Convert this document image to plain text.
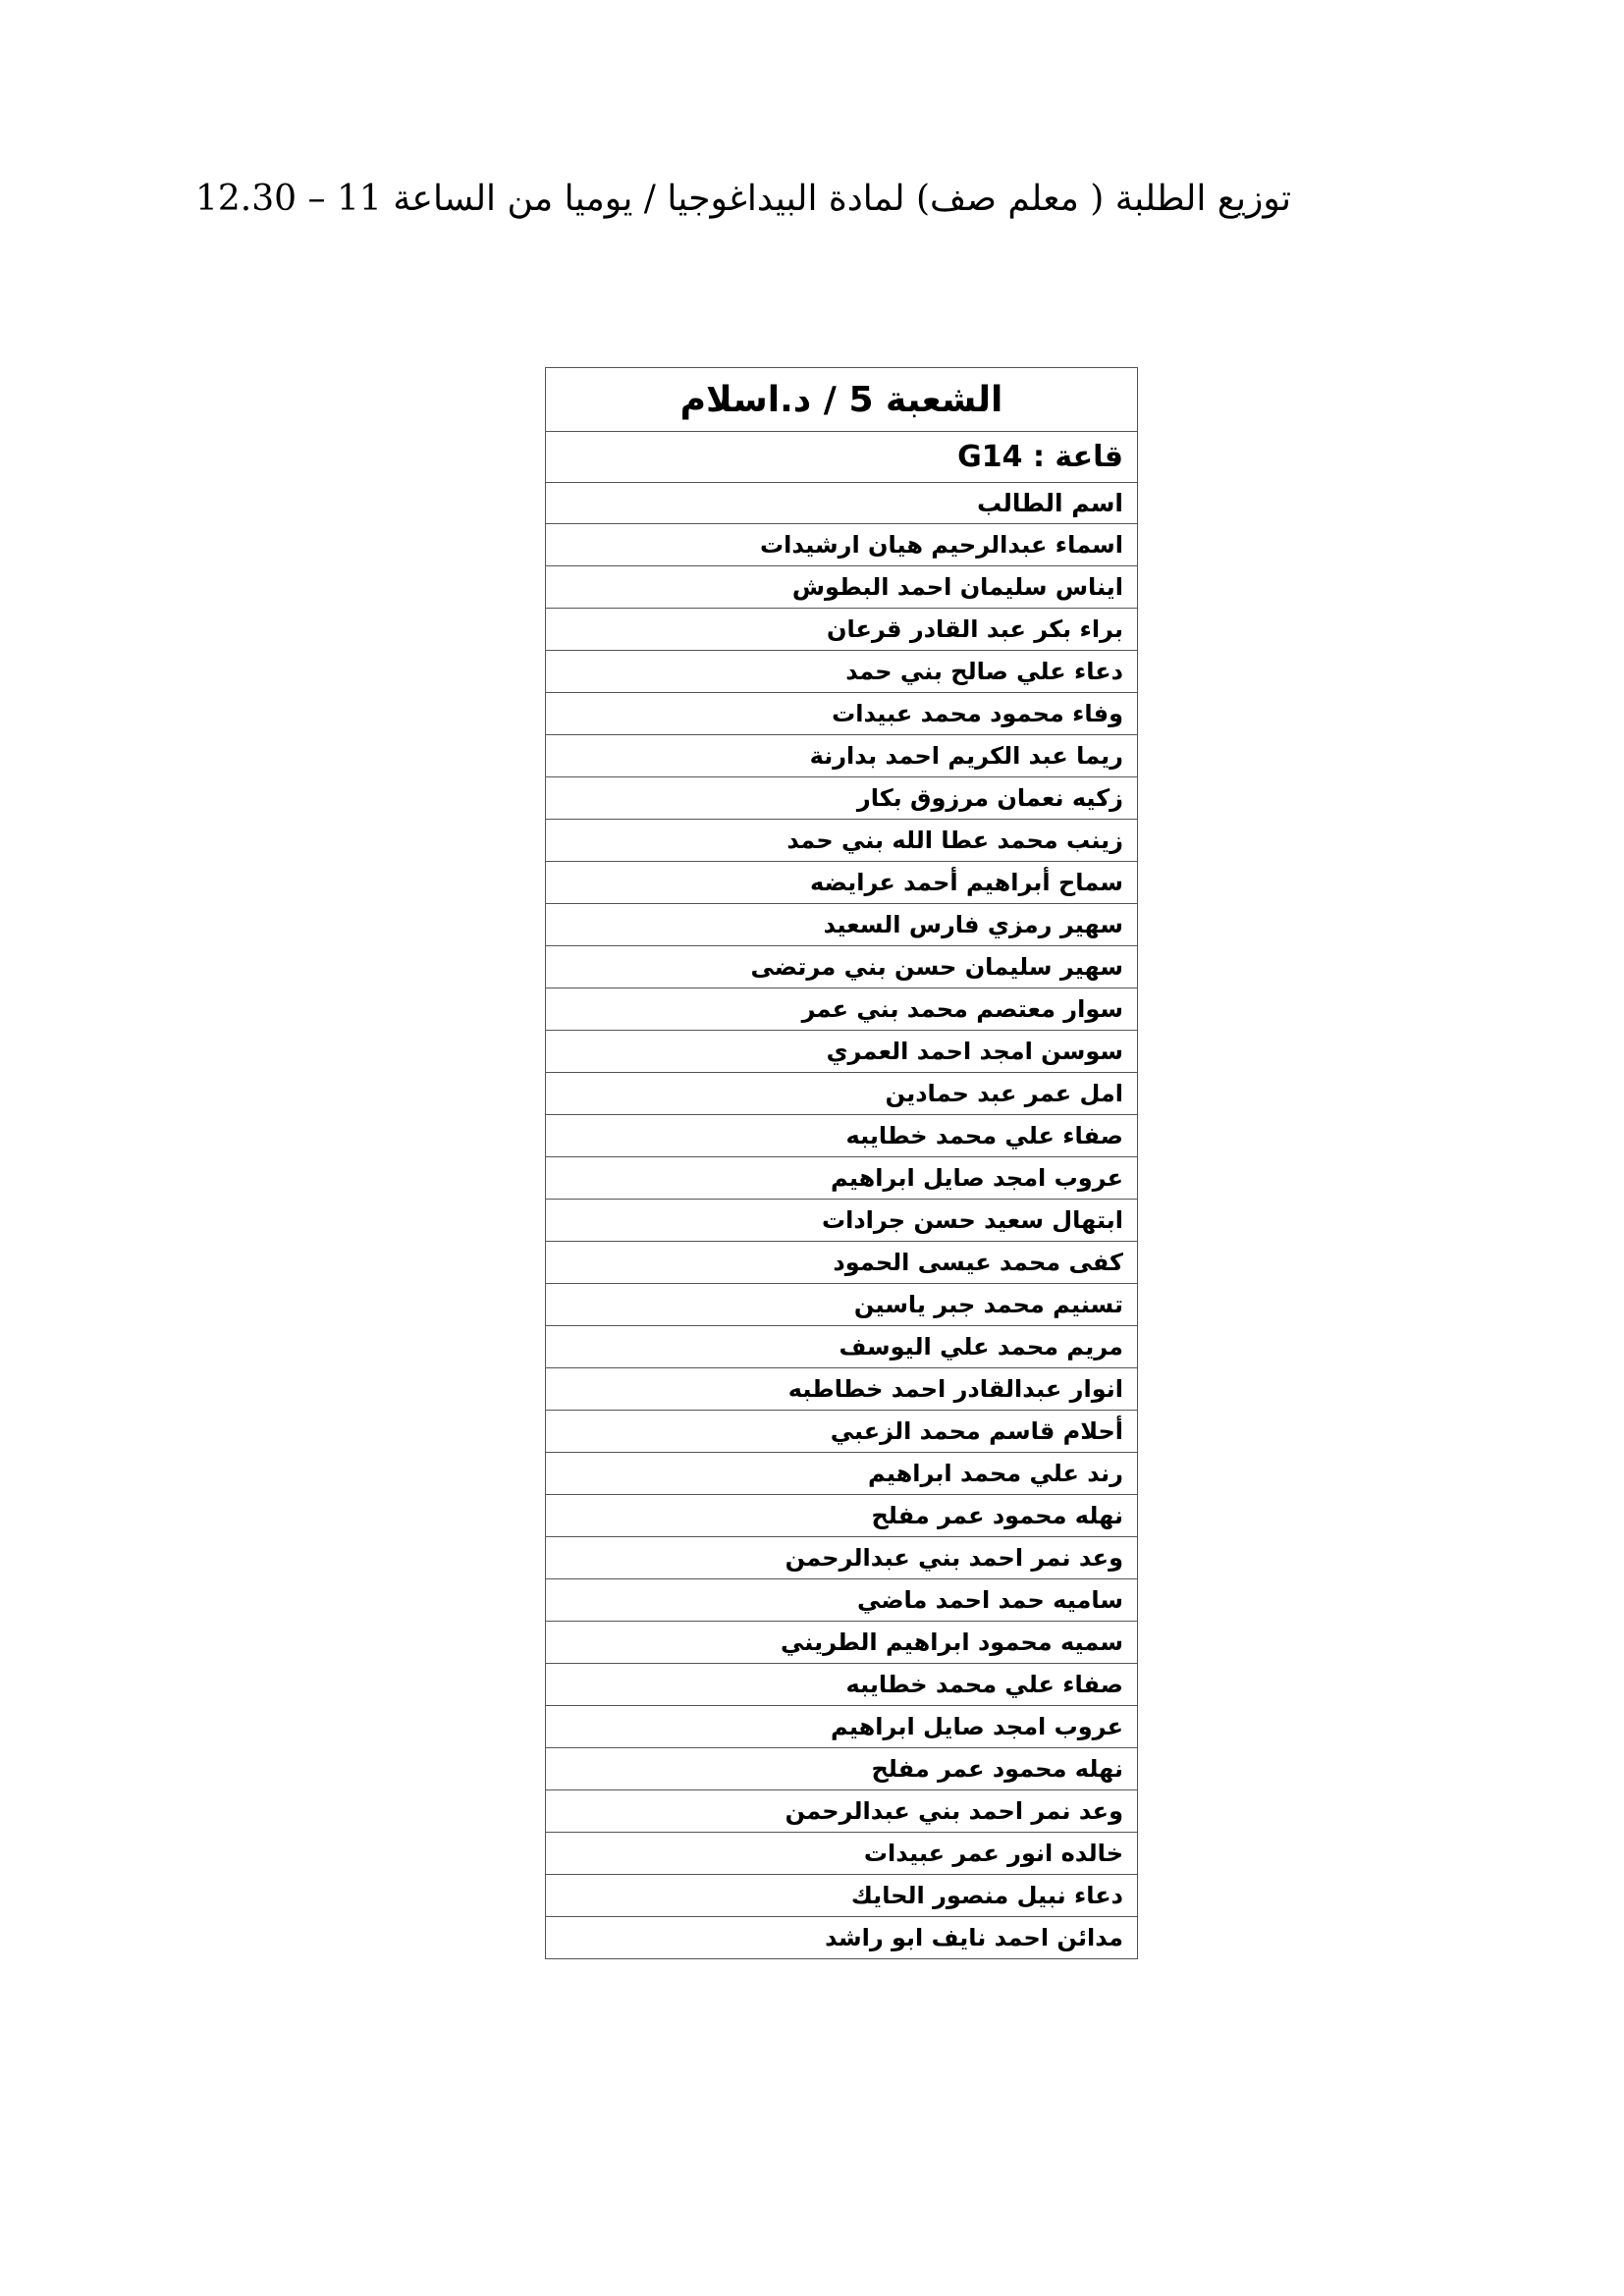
توزيع الطلبة ( معلم صف) لمادة البيداغوجيا / يوميا من الساعة 11 – 12.30
الشعبة 5 / د.اسلام
قاعة : G14
اسم الطالب
اسماء عبدالرحيم هيان ارشيدات
ايناس سليمان احمد البطوش
براء بكر عبد القادر قرعان
دعاء علي صالح بني حمد
وفاء محمود محمد عبيدات
ريما عبد الكريم احمد بدارنة
زكيه نعمان مرزوق بكار
زينب محمد عطا الله بني حمد
سماح أبراهيم أحمد عرايضه
سهير رمزي فارس السعيد
سهير سليمان حسن بني مرتضى
سوار معتصم محمد بني عمر
سوسن امجد احمد العمري
امل عمر عبد حمادين
صفاء علي محمد خطايبه
عروب امجد صايل ابراهيم
ابتهال سعيد حسن جرادات
كفى محمد عيسى الحمود
تسنيم محمد جبر ياسين
مريم محمد علي اليوسف
انوار عبدالقادر احمد خطاطبه
أحلام قاسم محمد الزعبي
رند علي محمد ابراهيم
نهله محمود عمر مفلح
وعد نمر احمد بني عبدالرحمن
ساميه حمد احمد ماضي
سميه محمود ابراهيم الطريني
صفاء علي محمد خطايبه
عروب امجد صايل ابراهيم
نهله محمود عمر مفلح
وعد نمر احمد بني عبدالرحمن
خالده انور عمر عبيدات
دعاء نبيل منصور الحايك
مدائن احمد نايف ابو راشد
